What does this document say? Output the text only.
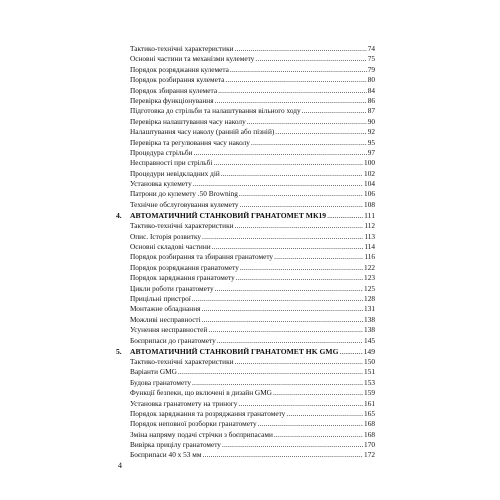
Тактико-технічні характеристики .....	74
Основні частини та механізми кулемету .....	75
Порядок розряджання кулемета .....	79
Порядок розбирання кулемета .....	80
Порядок збирання кулемета .....	84
Перевірка функціонування .....	86
Підготовка до стрільби та налаштування вільного ходу .....	87
Перевірка налаштування часу наколу .....	90
Налаштування часу наколу (ранній або пізній) .....	92
Перевірка та регулювання часу наколу .....	95
Процедура стрільби .....	97
Несправності при стрільбі .....	100
Процедури невідкладних дій .....	102
Установка кулемету .....	104
Патрони до кулемету .50 Browning .....	106
Технічне обслуговування кулемету .....	108
4.	АВТОМАТИЧНИЙ СТАНКОВИЙ ГРАНАТОМЕТ МК19 .....	111
Тактико-технічні характеристики .....	112
Опис. Історія розвитку .....	113
Основні складові частини .....	114
Порядок розбирання та збирання гранатомету .....	116
Порядок розряджання гранатомету .....	122
Порядок заряджання гранатомету .....	123
Цикли роботи гранатомету .....	125
Прицільні пристрої .....	128
Монтажне обладнання .....	131
Можливі несправності .....	138
Усунення несправностей .....	138
Боєприпаси до гранатомету .....	145
5.	АВТОМАТИЧНИЙ СТАНКОВИЙ ГРАНАТОМЕТ HK GMG .....	149
Тактико-технічні характеристики .....	150
Варіанти GMG .....	151
Будова гранатомету .....	153
Функції безпеки, що включені в дизайн GMG .....	159
Установка гранатомету на триногу .....	161
Порядок заряджання та розряджання гранатомету .....	165
Порядок неповної розборки гранатомету .....	168
Зміна напряму подачі стрічки з боєприпасами .....	168
Вивірка прицілу гранатомету .....	170
Боєприпаси 40 х 53 мм .....	172
4
